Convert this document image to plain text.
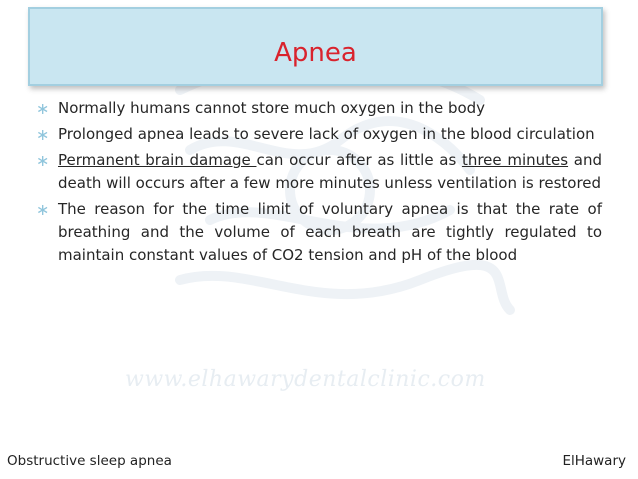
www.elhawarydentalclinic.com
Apnea
∗ Normally humans cannot store much oxygen in the body
∗ Prolonged apnea leads to severe lack of oxygen in the blood circulation
∗ Permanent brain damage can occur after as little as three minutes and death will occurs after a few more minutes unless ventilation is restored
∗ The reason for the time limit of voluntary apnea is that the rate of breathing and the volume of each breath are tightly regulated to maintain constant values of CO2 tension and pH of the blood
Obstructive sleep apnea	ElHawary
